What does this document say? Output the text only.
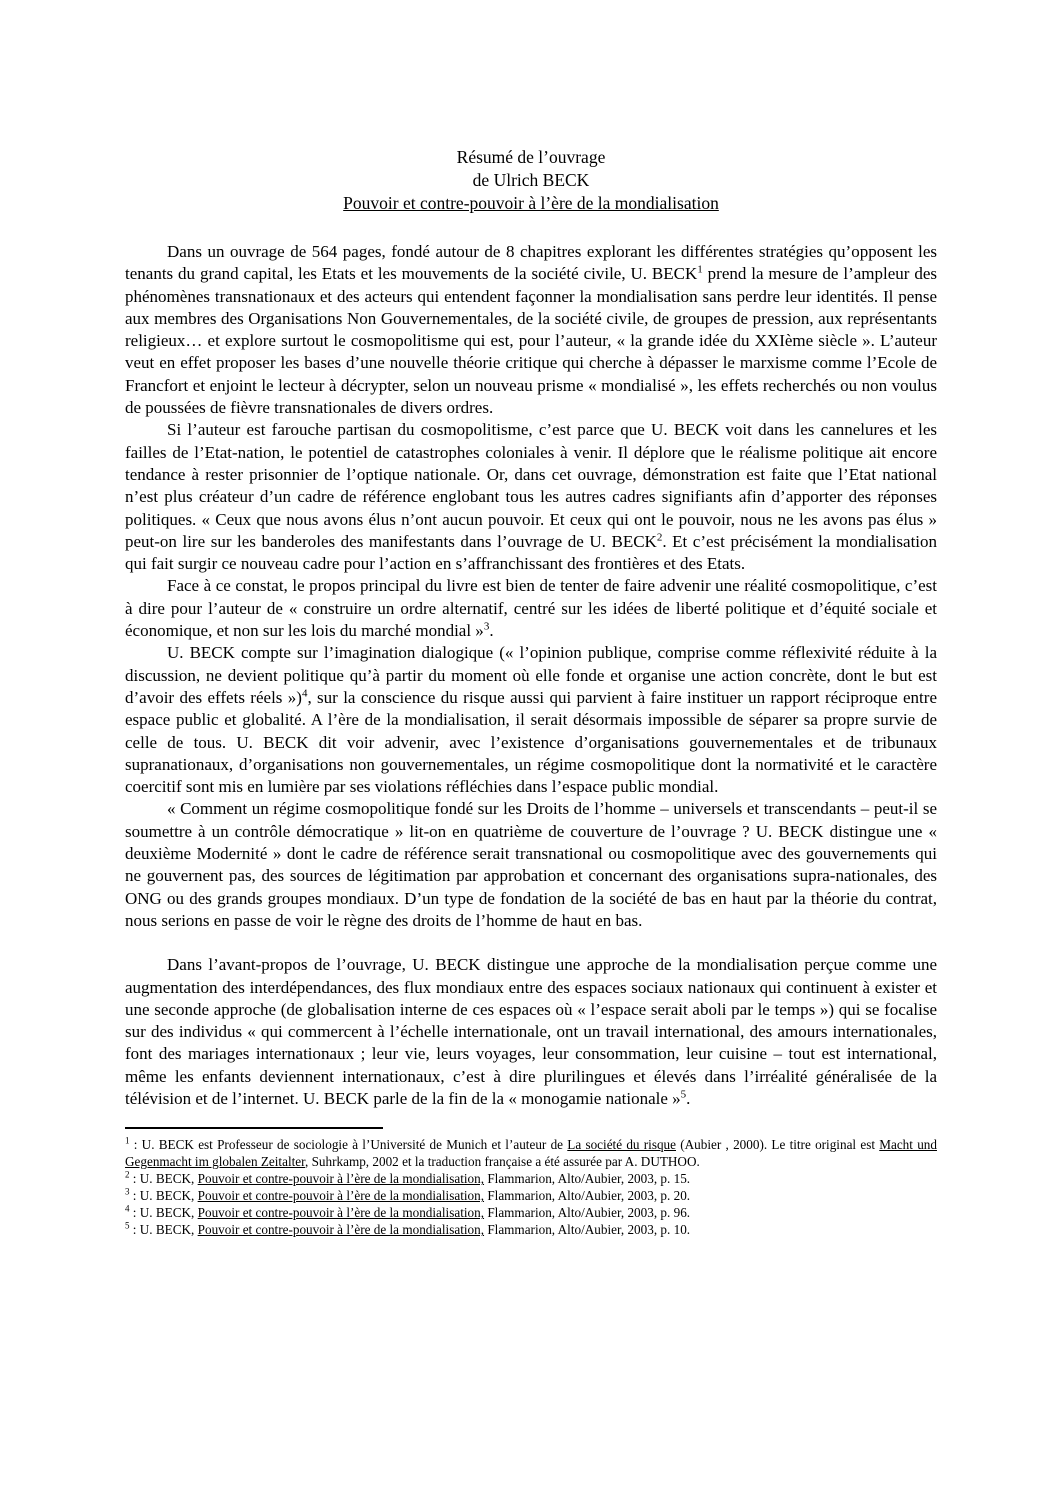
Résumé de l’ouvrage
de Ulrich BECK
Pouvoir et contre-pouvoir à l’ère de la mondialisation

Dans un ouvrage de 564 pages, fondé autour de 8 chapitres explorant les différentes stratégies qu’opposent les tenants du grand capital, les Etats et les mouvements de la société civile, U. BECK$^1$ prend la mesure de l’ampleur des phénomènes transnationaux et des acteurs qui entendent façonner la mondialisation sans perdre leur identités. Il pense aux membres des Organisations Non Gouvernementales, de la société civile, de groupes de pression, aux représentants religieux… et explore surtout le cosmopolitisme qui est, pour l’auteur, « la grande idée du XXIème siècle ». L’auteur veut en effet proposer les bases d’une nouvelle théorie critique qui cherche à dépasser le marxisme comme l’Ecole de Francfort et enjoint le lecteur à décrypter, selon un nouveau prisme « mondialisé », les effets recherchés ou non voulus de poussées de fièvre transnationales de divers ordres.

Si l’auteur est farouche partisan du cosmopolitisme, c’est parce que U. BECK voit dans les cannelures et les failles de l’Etat-nation, le potentiel de catastrophes coloniales à venir. Il déplore que le réalisme politique ait encore tendance à rester prisonnier de l’optique nationale. Or, dans cet ouvrage, démonstration est faite que l’Etat national n’est plus créateur d’un cadre de référence englobant tous les autres cadres signifiants afin d’apporter des réponses politiques. « Ceux que nous avons élus n’ont aucun pouvoir. Et ceux qui ont le pouvoir, nous ne les avons pas élus » peut-on lire sur les banderoles des manifestants dans l’ouvrage de U. BECK$^2$. Et c’est précisément la mondialisation qui fait surgir ce nouveau cadre pour l’action en s’affranchissant des frontières et des Etats.

Face à ce constat, le propos principal du livre est bien de tenter de faire advenir une réalité cosmopolitique, c’est à dire pour l’auteur de « construire un ordre alternatif, centré sur les idées de liberté politique et d’équité sociale et économique, et non sur les lois du marché mondial »$^3$.

U. BECK compte sur l’imagination dialogique (« l’opinion publique, comprise comme réflexivité réduite à la discussion, ne devient politique qu’à partir du moment où elle fonde et organise une action concrète, dont le but est d’avoir des effets réels »)$^4$, sur la conscience du risque aussi qui parvient à faire instituer un rapport réciproque entre espace public et globalité. A l’ère de la mondialisation, il serait désormais impossible de séparer sa propre survie de celle de tous. U. BECK dit voir advenir, avec l’existence d’organisations gouvernementales et de tribunaux supranationaux, d’organisations non gouvernementales, un régime cosmopolitique dont la normativité et le caractère coercitif sont mis en lumière par ses violations réfléchies dans l’espace public mondial.

« Comment un régime cosmopolitique fondé sur les Droits de l’homme – universels et transcendants – peut-il se soumettre à un contrôle démocratique » lit-on en quatrième de couverture de l’ouvrage ? U. BECK distingue une « deuxième Modernité » dont le cadre de référence serait transnational ou cosmopolitique avec des gouvernements qui ne gouvernent pas, des sources de légitimation par approbation et concernant des organisations supra-nationales, des ONG ou des grands groupes mondiaux. D’un type de fondation de la société de bas en haut par la théorie du contrat, nous serions en passe de voir le règne des droits de l’homme de haut en bas.

Dans l’avant-propos de l’ouvrage, U. BECK distingue une approche de la mondialisation perçue comme une augmentation des interdépendances, des flux mondiaux entre des espaces sociaux nationaux qui continuent à exister et une seconde approche (de globalisation interne de ces espaces où « l’espace serait aboli par le temps ») qui se focalise sur des individus « qui commercent à l’échelle internationale, ont un travail international, des amours internationales, font des mariages internationaux ; leur vie, leurs voyages, leur consommation, leur cuisine – tout est international, même les enfants deviennent internationaux, c’est à dire plurilingues et élevés dans l’irréalité généralisée de la télévision et de l’internet. U. BECK parle de la fin de la « monogamie nationale »$^5$.

$^1$ : U. BECK est Professeur de sociologie à l’Université de Munich et l’auteur de La société du risque (Aubier , 2000). Le titre original est Macht und Gegenmacht im globalen Zeitalter, Suhrkamp, 2002 et la traduction française a été assurée par A. DUTHOO.

$^2$ : U. BECK, Pouvoir et contre-pouvoir à l’ère de la mondialisation, Flammarion, Alto/Aubier, 2003, p. 15.

$^3$ : U. BECK, Pouvoir et contre-pouvoir à l’ère de la mondialisation, Flammarion, Alto/Aubier, 2003, p. 20.

$^4$ : U. BECK, Pouvoir et contre-pouvoir à l’ère de la mondialisation, Flammarion, Alto/Aubier, 2003, p. 96.

$^5$ : U. BECK, Pouvoir et contre-pouvoir à l’ère de la mondialisation, Flammarion, Alto/Aubier, 2003, p. 10.
